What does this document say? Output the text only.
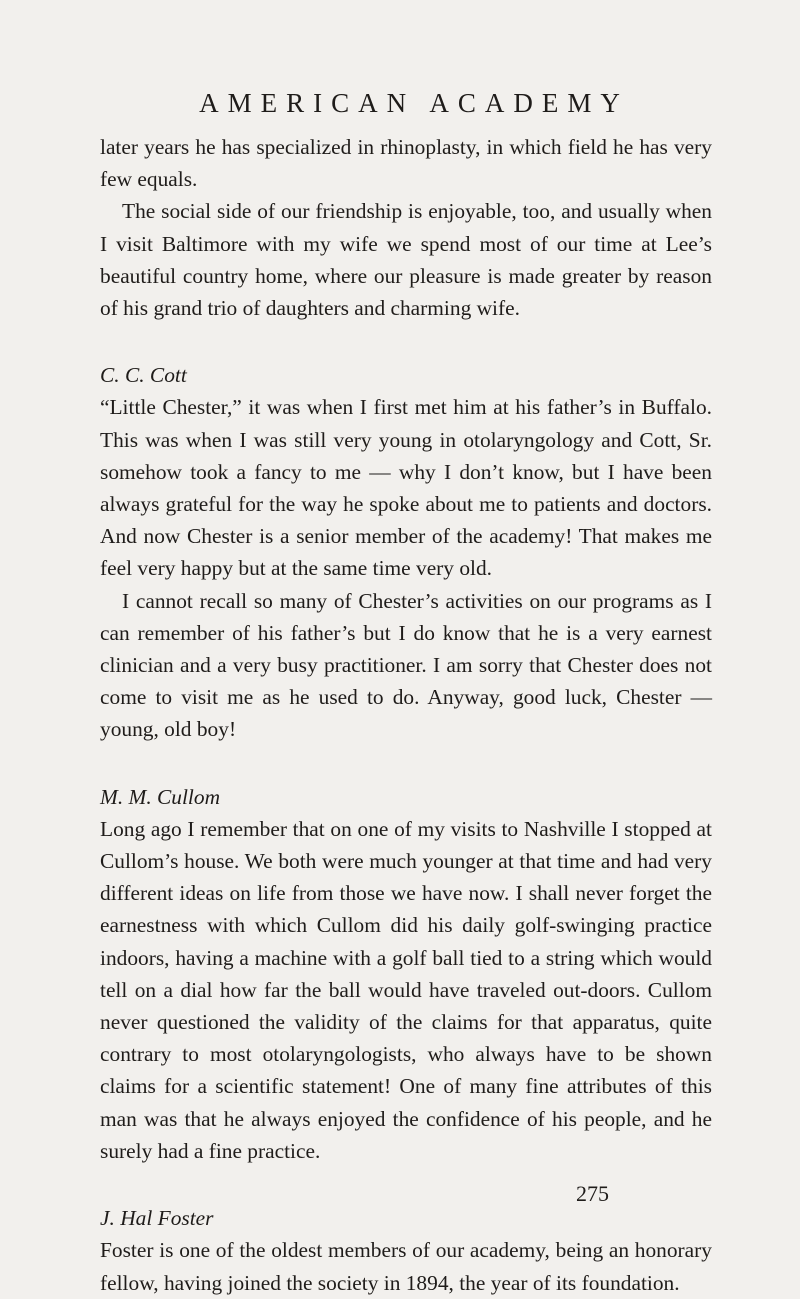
AMERICAN ACADEMY

later years he has specialized in rhinoplasty, in which field he has very few equals.

The social side of our friendship is enjoyable, too, and usually when I visit Baltimore with my wife we spend most of our time at Lee’s beautiful country home, where our pleasure is made greater by reason of his grand trio of daughters and charming wife.

C. C. Cott

“Little Chester,” it was when I first met him at his father’s in Buffalo. This was when I was still very young in otolaryngology and Cott, Sr. somehow took a fancy to me — why I don’t know, but I have been always grateful for the way he spoke about me to patients and doctors. And now Chester is a senior member of the academy! That makes me feel very happy but at the same time very old.

I cannot recall so many of Chester’s activities on our programs as I can remember of his father’s but I do know that he is a very earnest clinician and a very busy practitioner. I am sorry that Chester does not come to visit me as he used to do. Anyway, good luck, Chester — young, old boy!

M. M. Cullom

Long ago I remember that on one of my visits to Nashville I stopped at Cullom’s house. We both were much younger at that time and had very different ideas on life from those we have now. I shall never forget the earnestness with which Cullom did his daily golf-swinging practice indoors, having a machine with a golf ball tied to a string which would tell on a dial how far the ball would have traveled out-doors. Cullom never questioned the validity of the claims for that apparatus, quite contrary to most otolaryngologists, who always have to be shown claims for a scientific statement! One of many fine attributes of this man was that he always enjoyed the confidence of his people, and he surely had a fine practice.

J. Hal Foster

Foster is one of the oldest members of our academy, being an honorary fellow, having joined the society in 1894, the year of its foundation.

275
